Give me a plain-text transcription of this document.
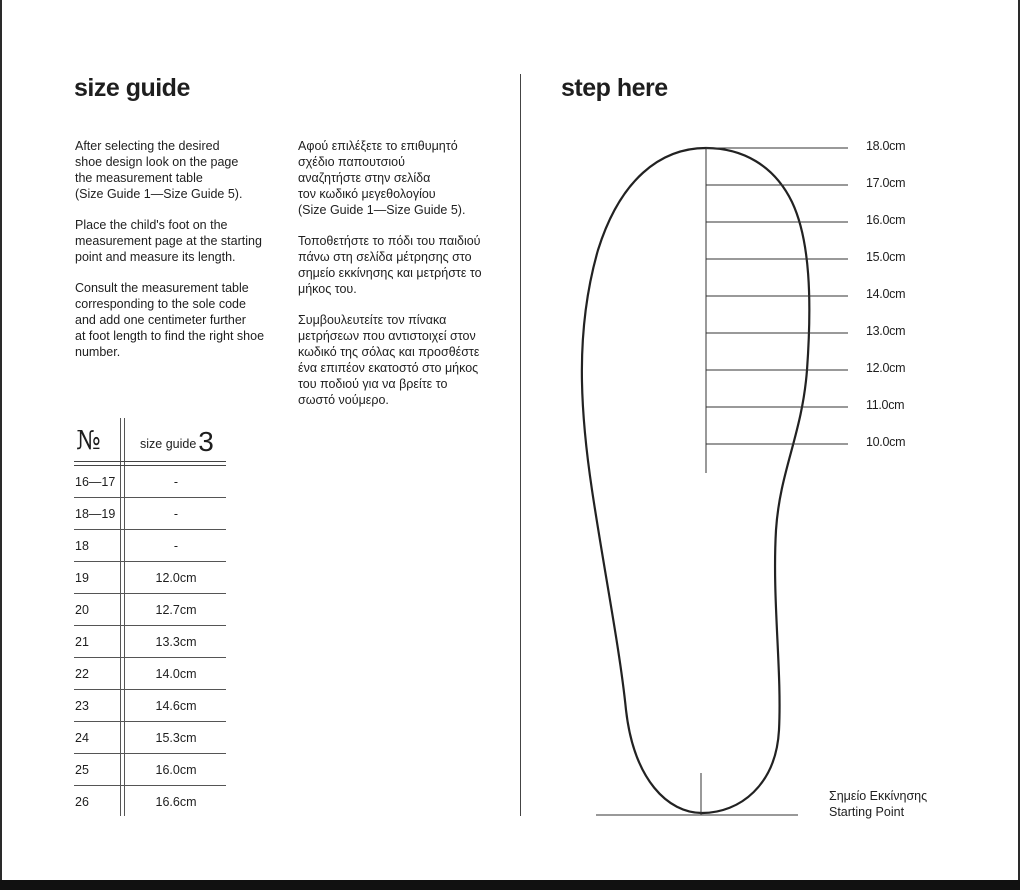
size guide	step here

After selecting the desired
shoe design look on the page
the measurement table
(Size Guide 1—Size Guide 5).

Place the child's foot on the
measurement page at the starting
point and measure its length.

Consult the measurement table
corresponding to the sole code
and add one centimeter further
at foot length to find the right shoe
number.

Αφού επιλέξετε το επιθυμητό
σχέδιο παπουτσιού
αναζητήστε στην σελίδα
τον κωδικό μεγεθολογίου
(Size Guide 1—Size Guide 5).

Τοποθετήστε το πόδι του παιδιού
πάνω στη σελίδα μέτρησης στο
σημείο εκκίνησης και μετρήστε το
μήκος του.

Συμβουλευτείτε τον πίνακα
μετρήσεων που αντιστοιχεί στον
κωδικό της σόλας και προσθέστε
ένα επιπέον εκατοστό στο μήκος
του ποδιού για να βρείτε το
σωστό νούμερο.

№	size guide3
16—17	-
18—19	-
18	-
19	12.0cm
20	12.7cm
21	13.3cm
22	14.0cm
23	14.6cm
24	15.3cm
25	16.0cm
26	16.6cm
18.0cm
17.0cm
16.0cm
15.0cm
14.0cm
13.0cm
12.0cm
11.0cm
10.0cm
Σημείο Εκκίνησης
Starting Point
